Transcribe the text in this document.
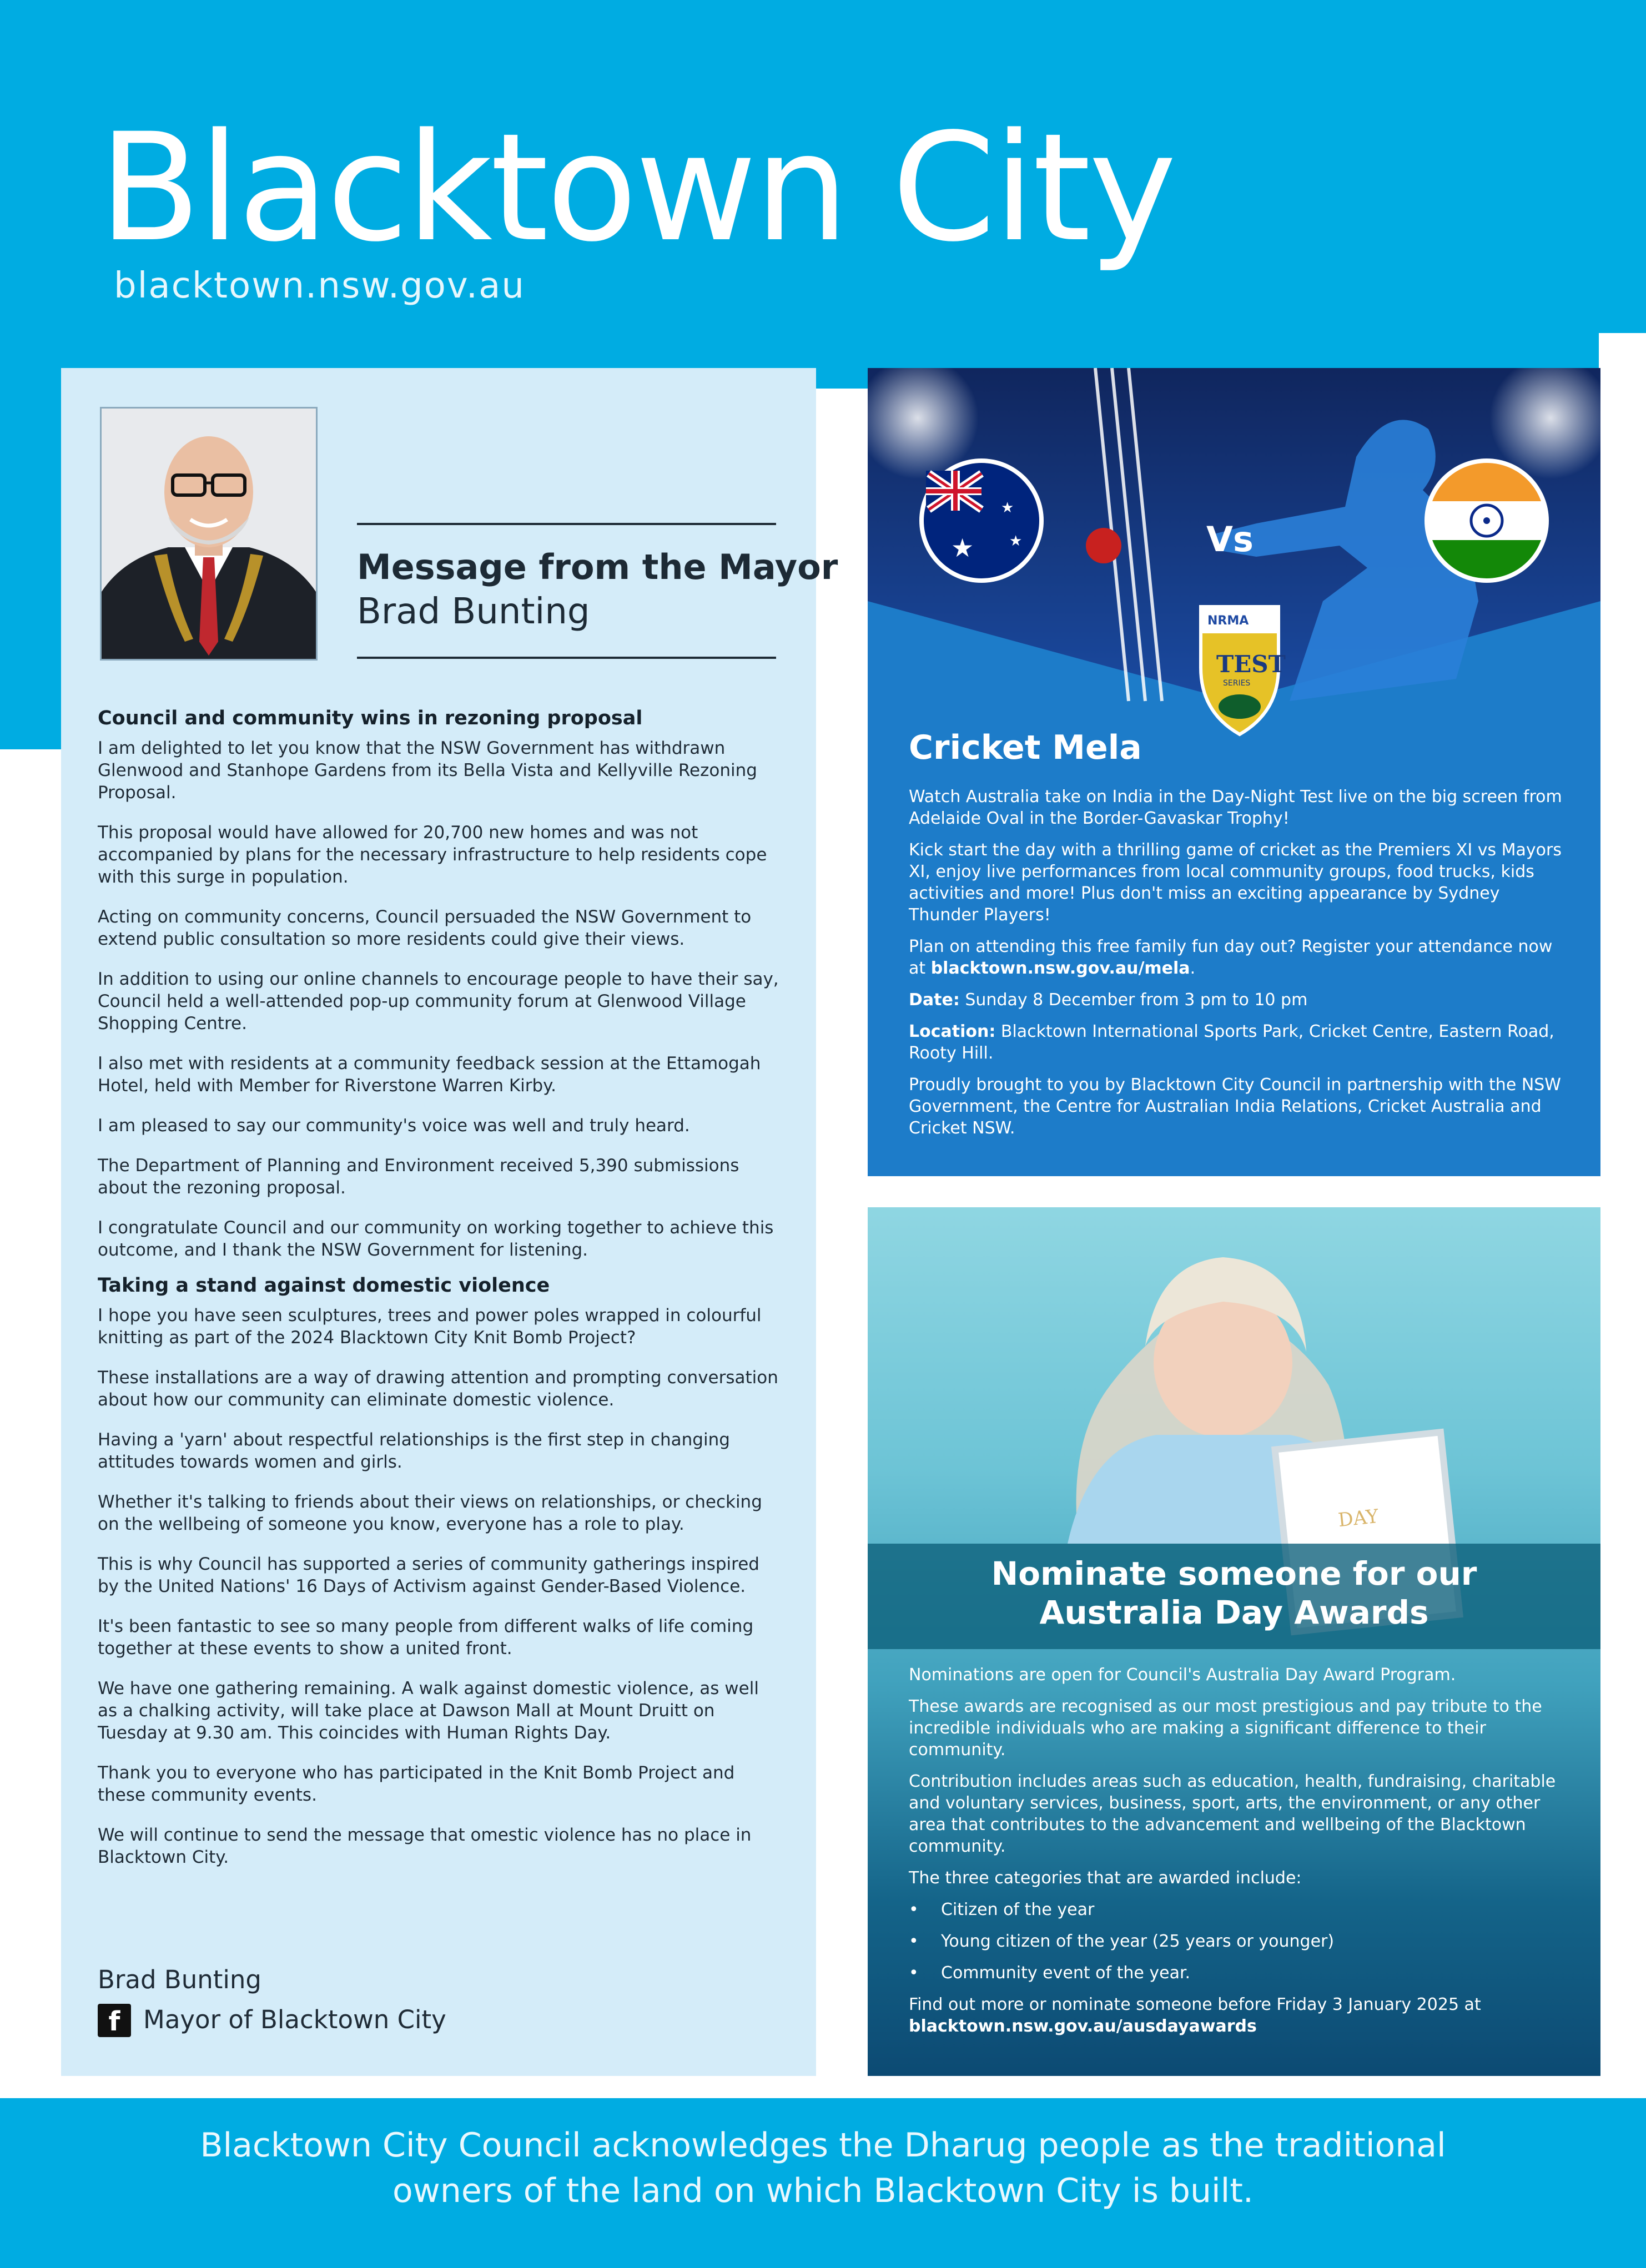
Blacktown City
blacktown.nsw.gov.au
Message from the Mayor
Brad Bunting
Council and community wins in rezoning proposal

I am delighted to let you know that the NSW Government has withdrawn Glenwood and Stanhope Gardens from its Bella Vista and Kellyville Rezoning Proposal.

This proposal would have allowed for 20,700 new homes and was not accompanied by plans for the necessary infrastructure to help residents cope with this surge in population.

Acting on community concerns, Council persuaded the NSW Government to extend public consultation so more residents could give their views.

In addition to using our online channels to encourage people to have their say, Council held a well-attended pop-up community forum at Glenwood Village Shopping Centre.

I also met with residents at a community feedback session at the Ettamogah Hotel, held with Member for Riverstone Warren Kirby.

I am pleased to say our community's voice was well and truly heard.

The Department of Planning and Environment received 5,390 submissions about the rezoning proposal.

I congratulate Council and our community on working together to achieve this outcome, and I thank the NSW Government for listening.

Taking a stand against domestic violence

I hope you have seen sculptures, trees and power poles wrapped in colourful knitting as part of the 2024 Blacktown City Knit Bomb Project?

These installations are a way of drawing attention and prompting conversation about how our community can eliminate domestic violence.

Having a 'yarn' about respectful relationships is the first step in changing attitudes towards women and girls.

Whether it's talking to friends about their views on relationships, or checking on the wellbeing of someone you know, everyone has a role to play.

This is why Council has supported a series of community gatherings inspired by the United Nations' 16 Days of Activism against Gender-Based Violence.

It's been fantastic to see so many people from different walks of life coming together at these events to show a united front.

We have one gathering remaining. A walk against domestic violence, as well as a chalking activity, will take place at Dawson Mall at Mount Druitt on Tuesday at 9.30 am. This coincides with Human Rights Day.

Thank you to everyone who has participated in the Knit Bomb Project and these community events.

We will continue to send the message that omestic violence has no place in Blacktown City.

Brad Bunting
f Mayor of Blacktown City
★
★
★	Vs
NRMA
TEST
SERIES
Cricket Mela

Watch Australia take on India in the Day-Night Test live on the big screen from Adelaide Oval in the Border-Gavaskar Trophy!

Kick start the day with a thrilling game of cricket as the Premiers XI vs Mayors XI, enjoy live performances from local community groups, food trucks, kids activities and more! Plus don't miss an exciting appearance by Sydney Thunder Players!

Plan on attending this free family fun day out? Register your attendance now at blacktown.nsw.gov.au/mela.

Date: Sunday 8 December from 3 pm to 10 pm

Location: Blacktown International Sports Park, Cricket Centre, Eastern Road, Rooty Hill.

Proudly brought to you by Blacktown City Council in partnership with the NSW Government, the Centre for Australian India Relations, Cricket Australia and Cricket NSW.

DAY
Nominate someone for our
Australia Day Awards

Nominations are open for Council's Australia Day Award Program.

These awards are recognised as our most prestigious and pay tribute to the incredible individuals who are making a significant difference to their community.

Contribution includes areas such as education, health, fundraising, charitable and voluntary services, business, sport, arts, the environment, or any other area that contributes to the advancement and wellbeing of the Blacktown community.

The three categories that are awarded include:

• Citizen of the year
• Young citizen of the year (25 years or younger)
• Community event of the year.

Find out more or nominate someone before Friday 3 January 2025 at
blacktown.nsw.gov.au/ausdayawards

Blacktown City Council acknowledges the Dharug people as the traditional
owners of the land on which Blacktown City is built.
